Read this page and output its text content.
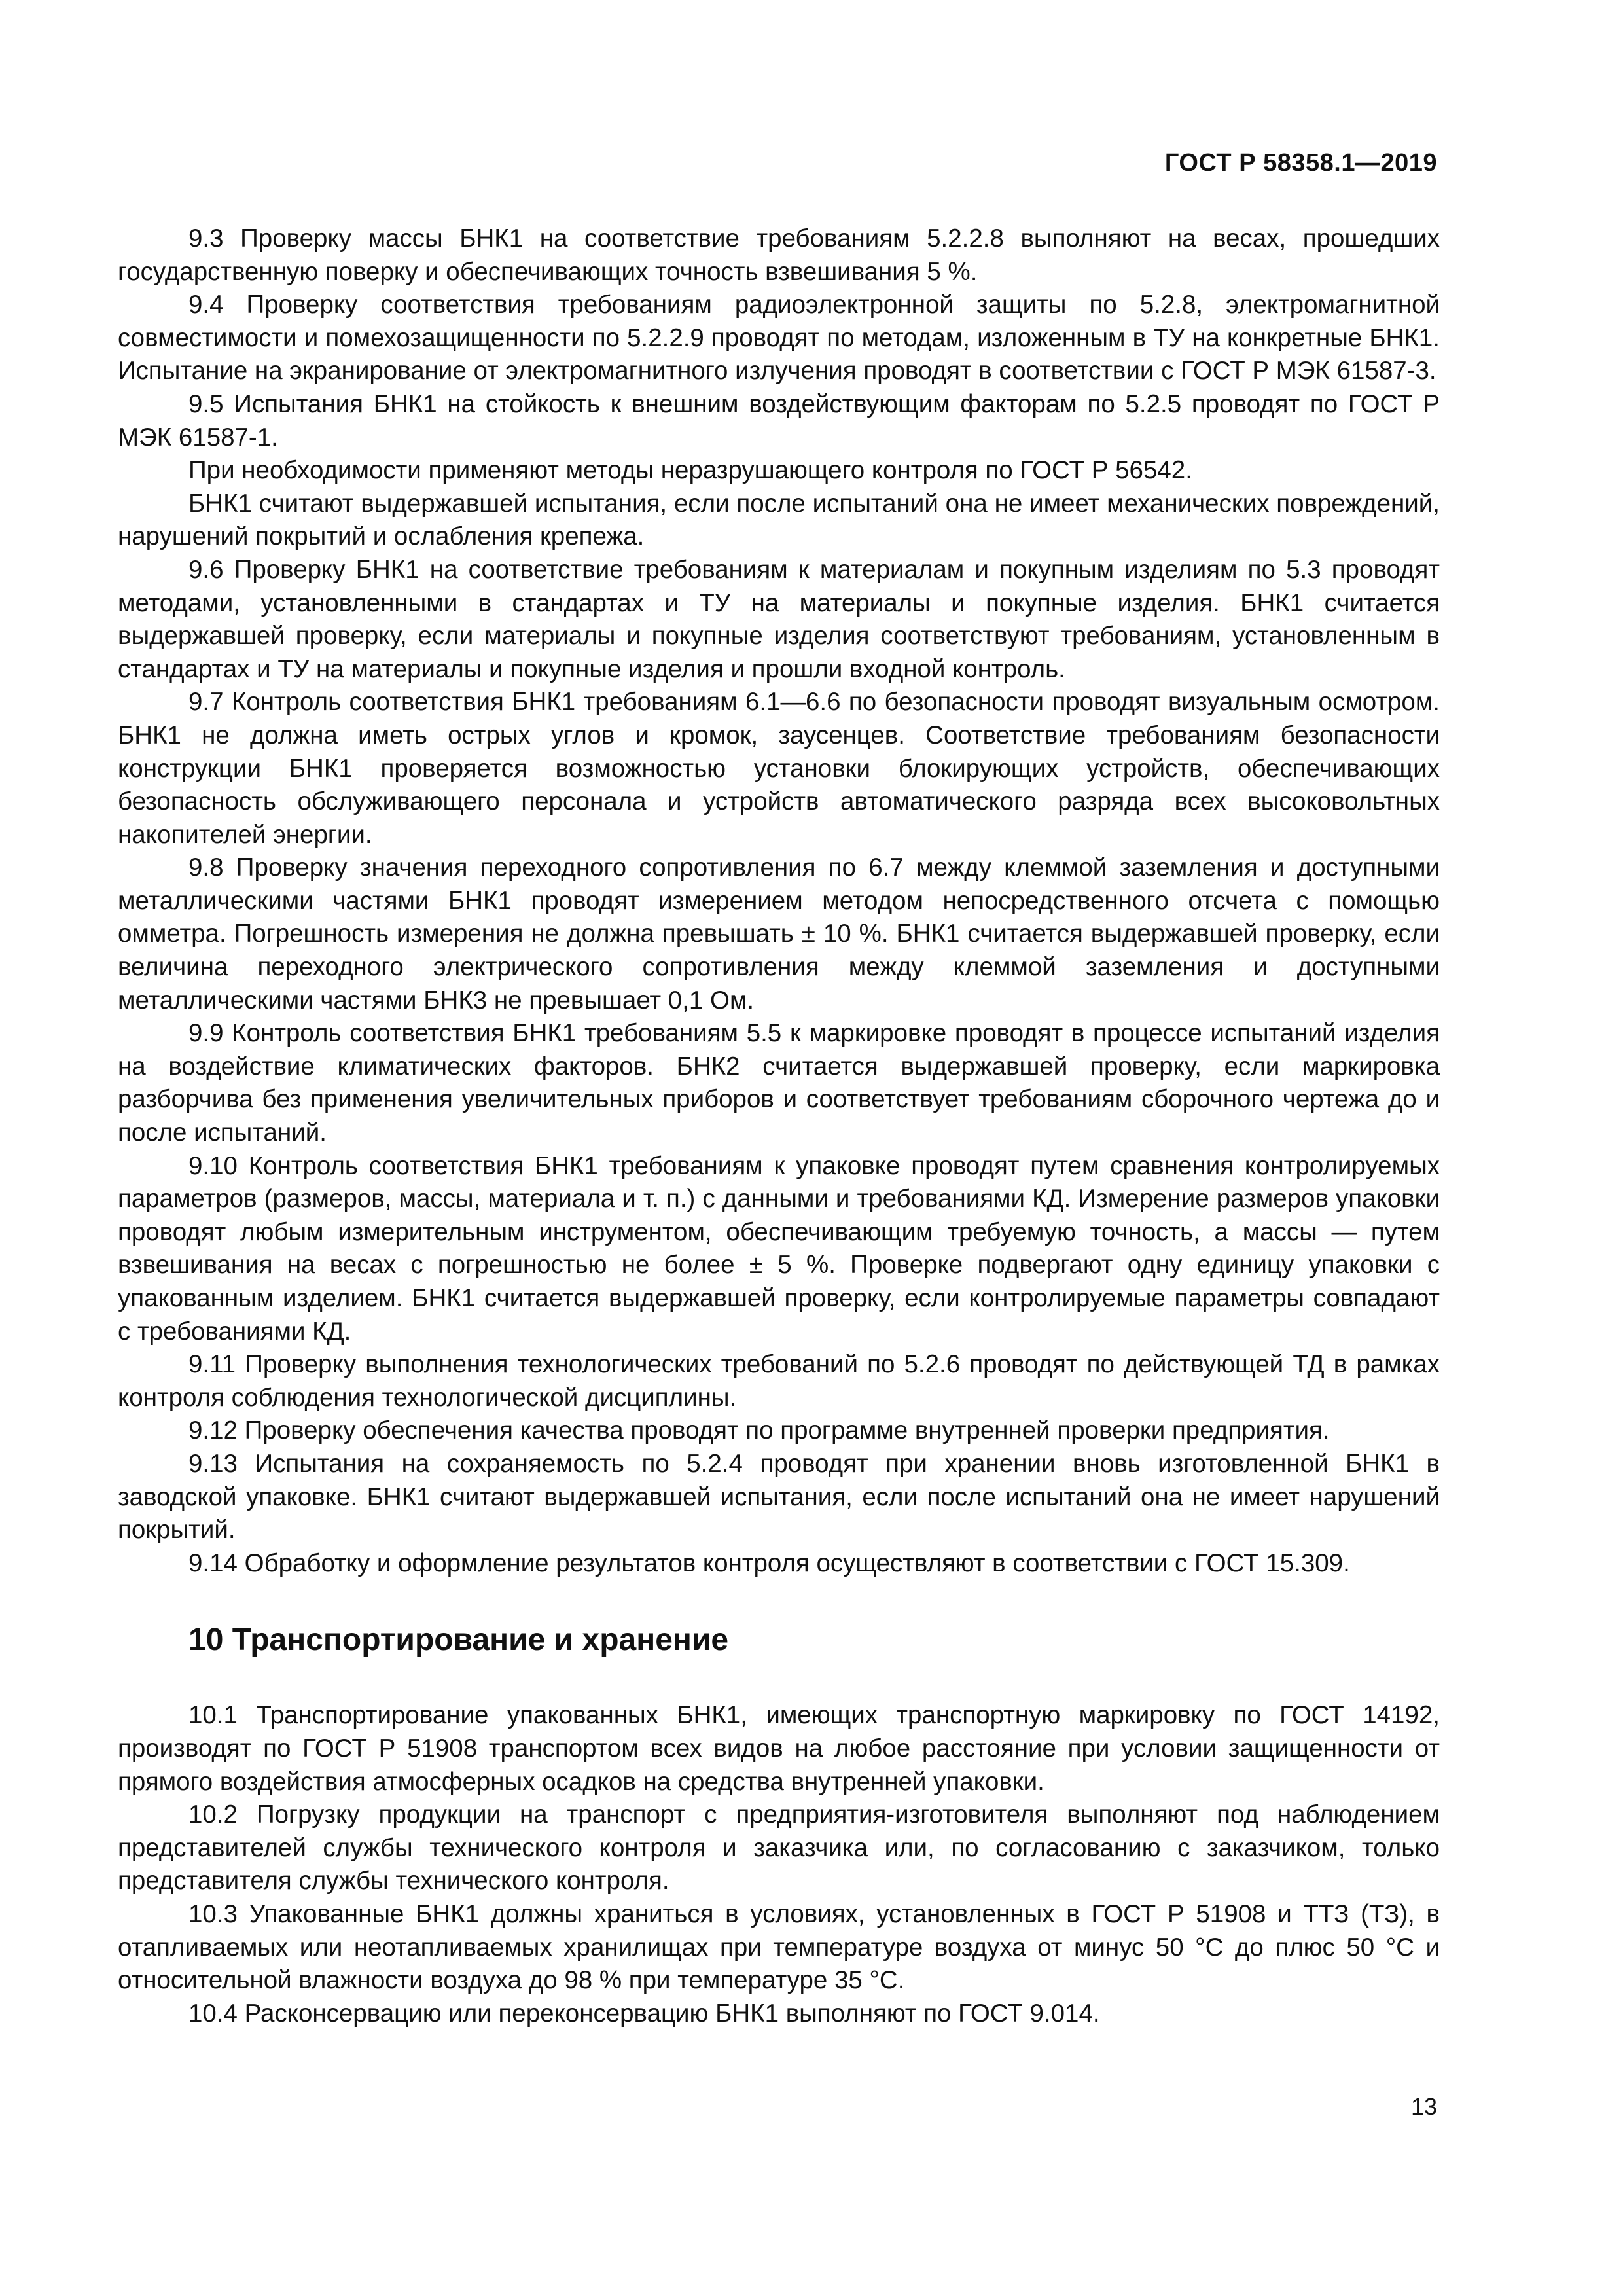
ГОСТ Р 58358.1—2019

9.3 Проверку массы БНК1 на соответствие требованиям 5.2.2.8 выполняют на весах, прошедших государственную поверку и обеспечивающих точность взвешивания 5 %.

9.4 Проверку соответствия требованиям радиоэлектронной защиты по 5.2.8, электромагнитной совместимости и помехозащищенности по 5.2.2.9 проводят по методам, изложенным в ТУ на конкретные БНК1. Испытание на экранирование от электромагнитного излучения проводят в соответствии с ГОСТ Р МЭК 61587-3.

9.5 Испытания БНК1 на стойкость к внешним воздействующим факторам по 5.2.5 проводят по ГОСТ Р МЭК 61587-1.

При необходимости применяют методы неразрушающего контроля по ГОСТ Р 56542.

БНК1 считают выдержавшей испытания, если после испытаний она не имеет механических повреждений, нарушений покрытий и ослабления крепежа.

9.6 Проверку БНК1 на соответствие требованиям к материалам и покупным изделиям по 5.3 проводят методами, установленными в стандартах и ТУ на материалы и покупные изделия. БНК1 считается выдержавшей проверку, если материалы и покупные изделия соответствуют требованиям, установленным в стандартах и ТУ на материалы и покупные изделия и прошли входной контроль.

9.7 Контроль соответствия БНК1 требованиям 6.1—6.6 по безопасности проводят визуальным осмотром. БНК1 не должна иметь острых углов и кромок, заусенцев. Соответствие требованиям безопасности конструкции БНК1 проверяется возможностью установки блокирующих устройств, обеспечивающих безопасность обслуживающего персонала и устройств автоматического разряда всех высоковольтных накопителей энергии.

9.8 Проверку значения переходного сопротивления по 6.7 между клеммой заземления и доступными металлическими частями БНК1 проводят измерением методом непосредственного отсчета с помощью омметра. Погрешность измерения не должна превышать ± 10 %. БНК1 считается выдержавшей проверку, если величина переходного электрического сопротивления между клеммой заземления и доступными металлическими частями БНК3 не превышает 0,1 Ом.

9.9 Контроль соответствия БНК1 требованиям 5.5 к маркировке проводят в процессе испытаний изделия на воздействие климатических факторов. БНК2 считается выдержавшей проверку, если маркировка разборчива без применения увеличительных приборов и соответствует требованиям сборочного чертежа до и после испытаний.

9.10 Контроль соответствия БНК1 требованиям к упаковке проводят путем сравнения контролируемых параметров (размеров, массы, материала и т. п.) с данными и требованиями КД. Измерение размеров упаковки проводят любым измерительным инструментом, обеспечивающим требуемую точность, а массы — путем взвешивания на весах с погрешностью не более ± 5 %. Проверке подвергают одну единицу упаковки с упакованным изделием. БНК1 считается выдержавшей проверку, если контролируемые параметры совпадают с требованиями КД.

9.11 Проверку выполнения технологических требований по 5.2.6 проводят по действующей ТД в рамках контроля соблюдения технологической дисциплины.

9.12 Проверку обеспечения качества проводят по программе внутренней проверки предприятия.

9.13 Испытания на сохраняемость по 5.2.4 проводят при хранении вновь изготовленной БНК1 в заводской упаковке. БНК1 считают выдержавшей испытания, если после испытаний она не имеет нарушений покрытий.

9.14 Обработку и оформление результатов контроля осуществляют в соответствии с ГОСТ 15.309.

10 Транспортирование и хранение

10.1 Транспортирование упакованных БНК1, имеющих транспортную маркировку по ГОСТ 14192, производят по ГОСТ Р 51908 транспортом всех видов на любое расстояние при условии защищенности от прямого воздействия атмосферных осадков на средства внутренней упаковки.

10.2 Погрузку продукции на транспорт с предприятия-изготовителя выполняют под наблюдением представителей службы технического контроля и заказчика или, по согласованию с заказчиком, только представителя службы технического контроля.

10.3 Упакованные БНК1 должны храниться в условиях, установленных в ГОСТ Р 51908 и ТТЗ (ТЗ), в отапливаемых или неотапливаемых хранилищах при температуре воздуха от минус 50 °С до плюс 50 °С и относительной влажности воздуха до 98 % при температуре 35 °С.

10.4 Расконсервацию или переконсервацию БНК1 выполняют по ГОСТ 9.014.

13
